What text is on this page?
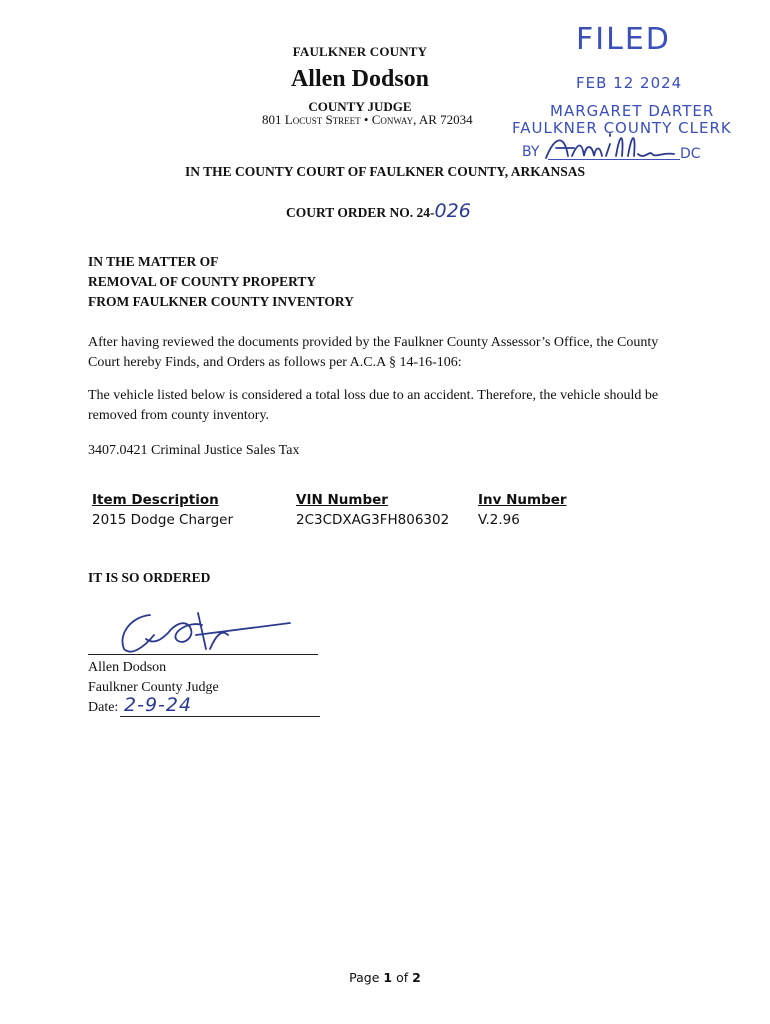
FAULKNER COUNTY
Allen Dodson
COUNTY JUDGE
801 Locust Street • Conway, AR 72034
FILED
FEB 12 2024
MARGARET DARTER
FAULKNER COUNTY CLERK
BY	DC
IN THE COUNTY COURT OF FAULKNER COUNTY, ARKANSAS
COURT ORDER NO. 24-026
IN THE MATTER OF
REMOVAL OF COUNTY PROPERTY
FROM FAULKNER COUNTY INVENTORY
After having reviewed the documents provided by the Faulkner County Assessor’s Office, the County Court hereby Finds, and Orders as follows per A.C.A § 14-16-106:
The vehicle listed below is considered a total loss due to an accident. Therefore, the vehicle should be removed from county inventory.
3407.0421 Criminal Justice Sales Tax
Item Description
2015 Dodge Charger
VIN Number
2C3CDXAG3FH806302
Inv Number
V.2.96
IT IS SO ORDERED
Allen Dodson
Faulkner County Judge
Date: 2-9-24
Page 1 of 2
